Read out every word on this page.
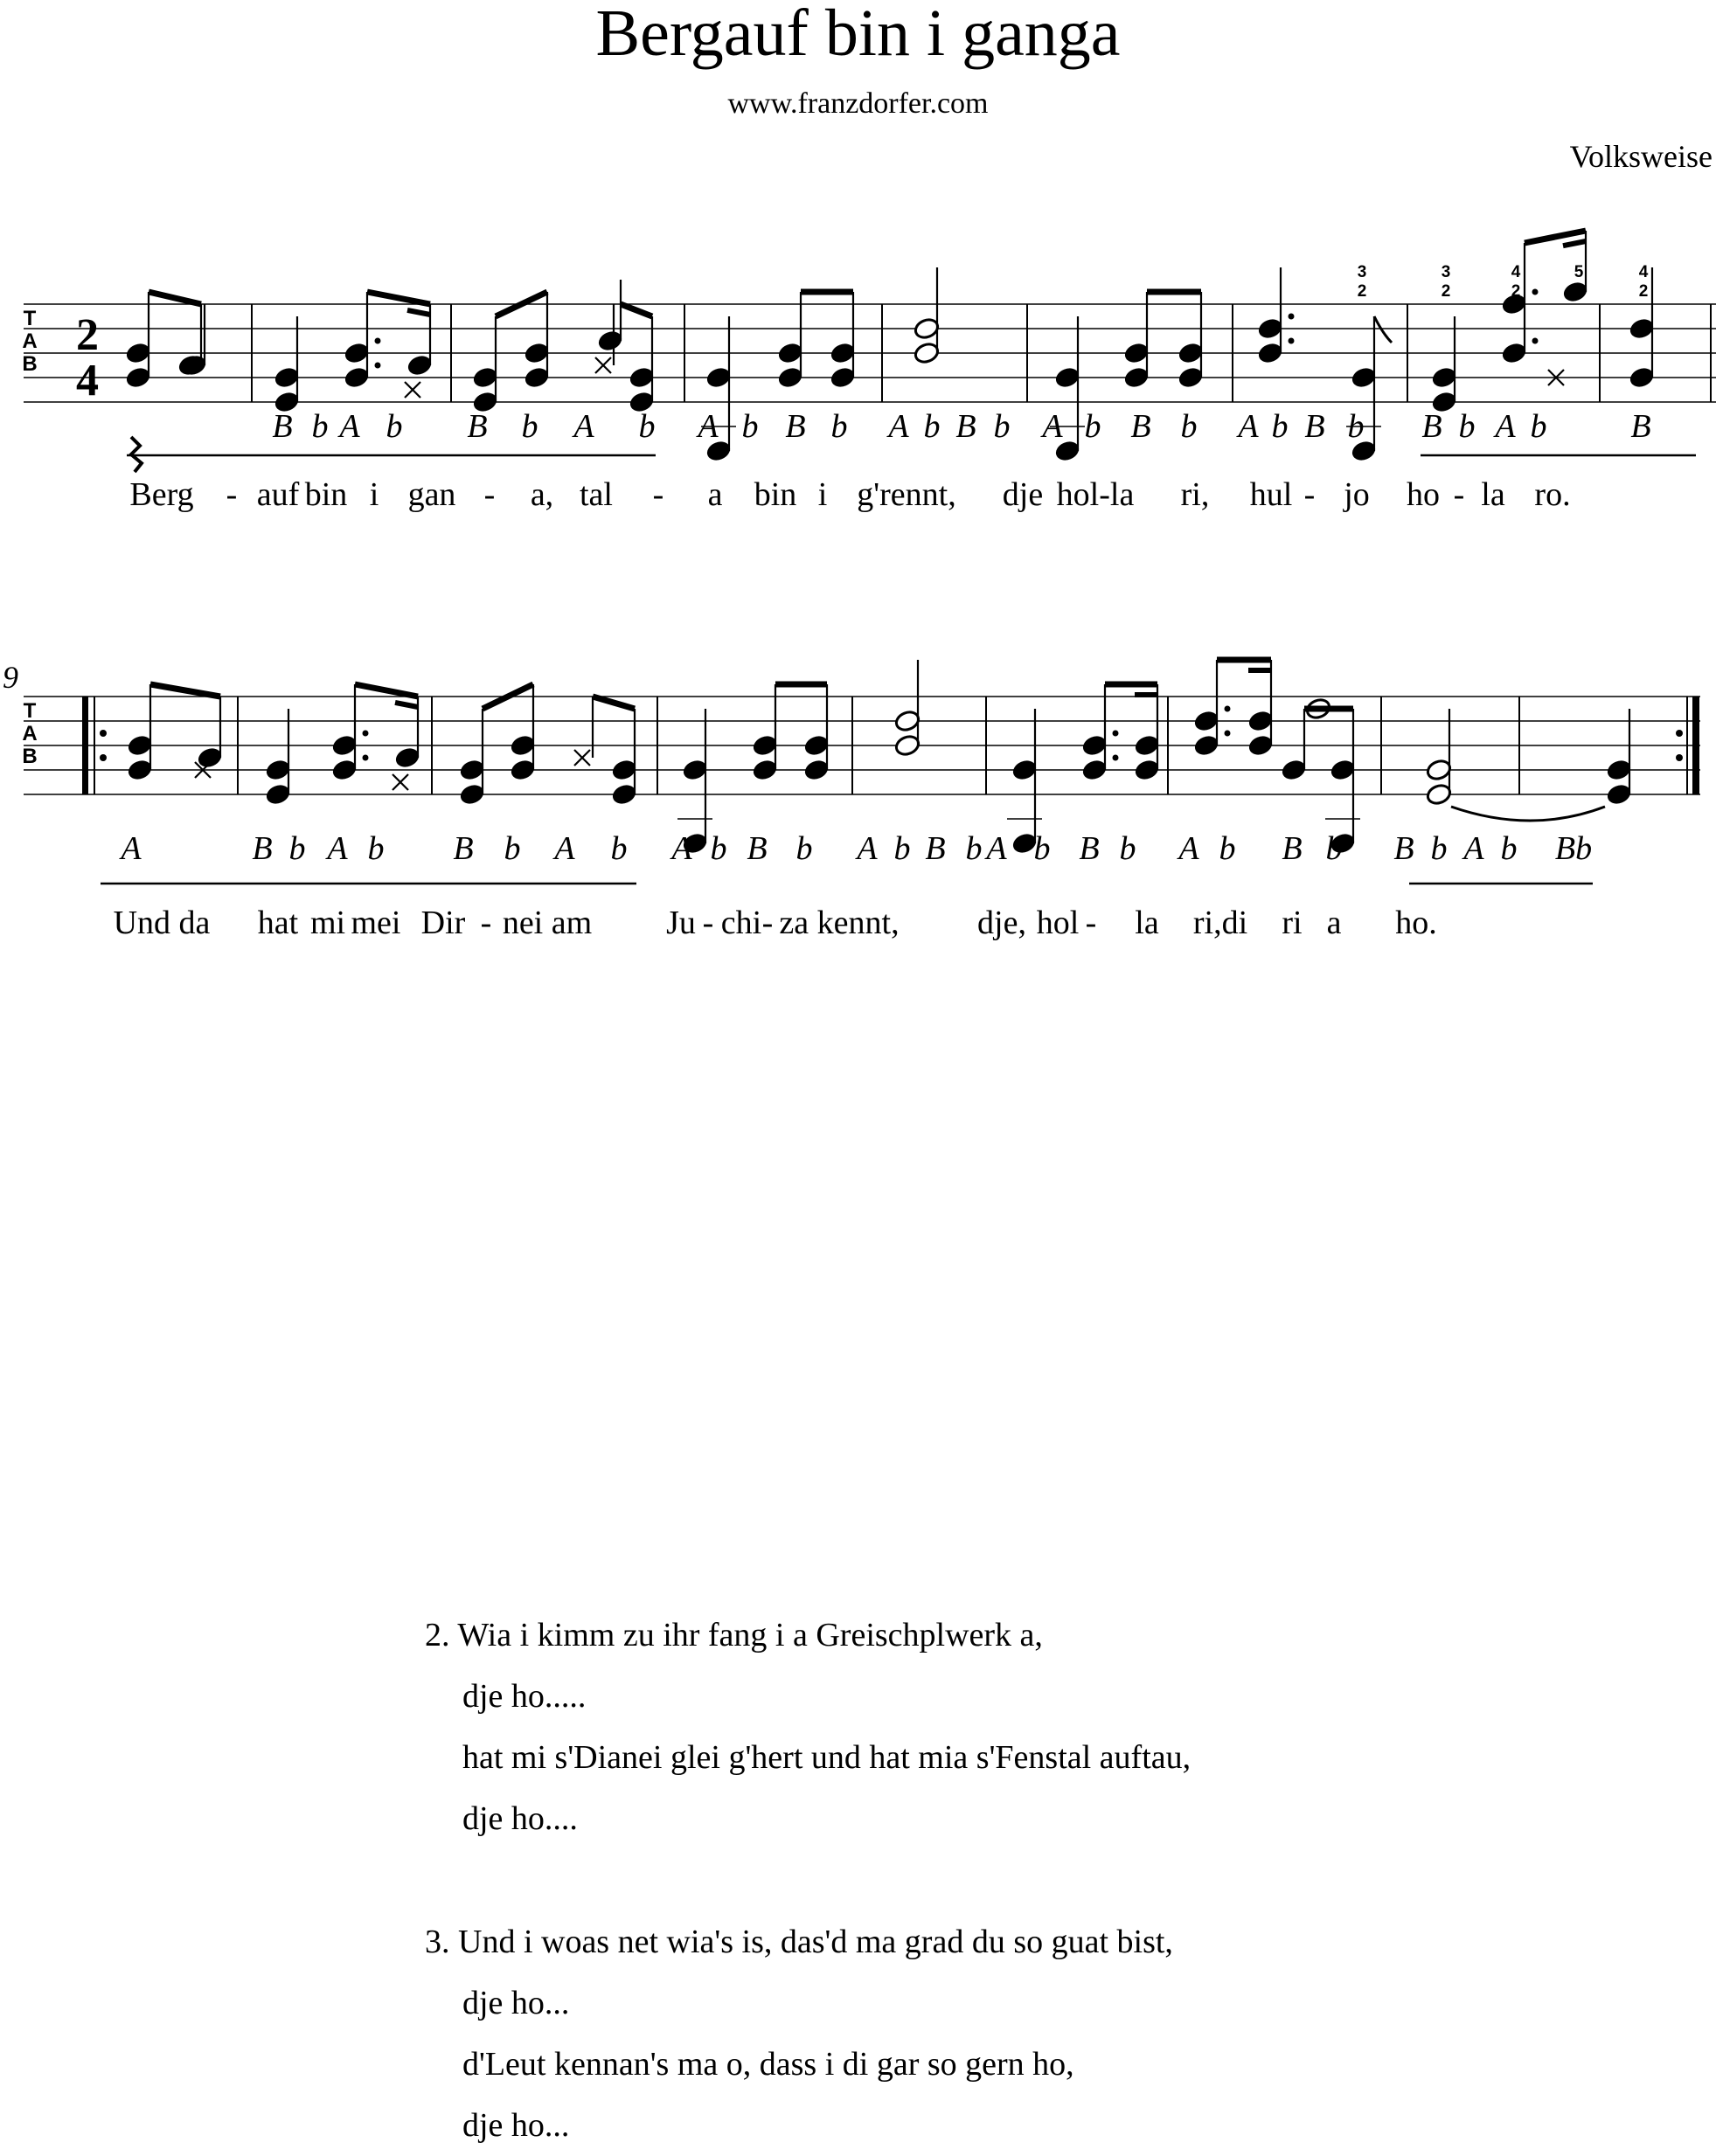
Bergauf bin i ganga
www.franzdorfer.com
Volksweise
T
A
B
2
4
3
2
3
2
4
2
5
2
4
2
B b A b B b A b A b B b A b B b A b B b A b B b B b A b	B
Berg - auf bin i gan - a, tal - a bin i g'rennt, dje hol-la ri, hul - jo ho - la ro.
T
A
B
9
A	B b A b B b A b A b B b A b B b A b B b A b B b B b A b Bb
Und da hat mi mei Dir - nei am Ju - chi - za kennt, dje, hol - la ri,di ri a ho.
2. Wia i kimm zu ihr fang i a Greischplwerk a,
dje ho.....
hat mi s'Dianei glei g'hert und hat mia s'Fenstal auftau,
dje ho....
3. Und i woas net wia's is, das'd ma grad du so guat bist,
dje ho...
d'Leut kennan's ma o, dass i di gar so gern ho,
dje ho...
